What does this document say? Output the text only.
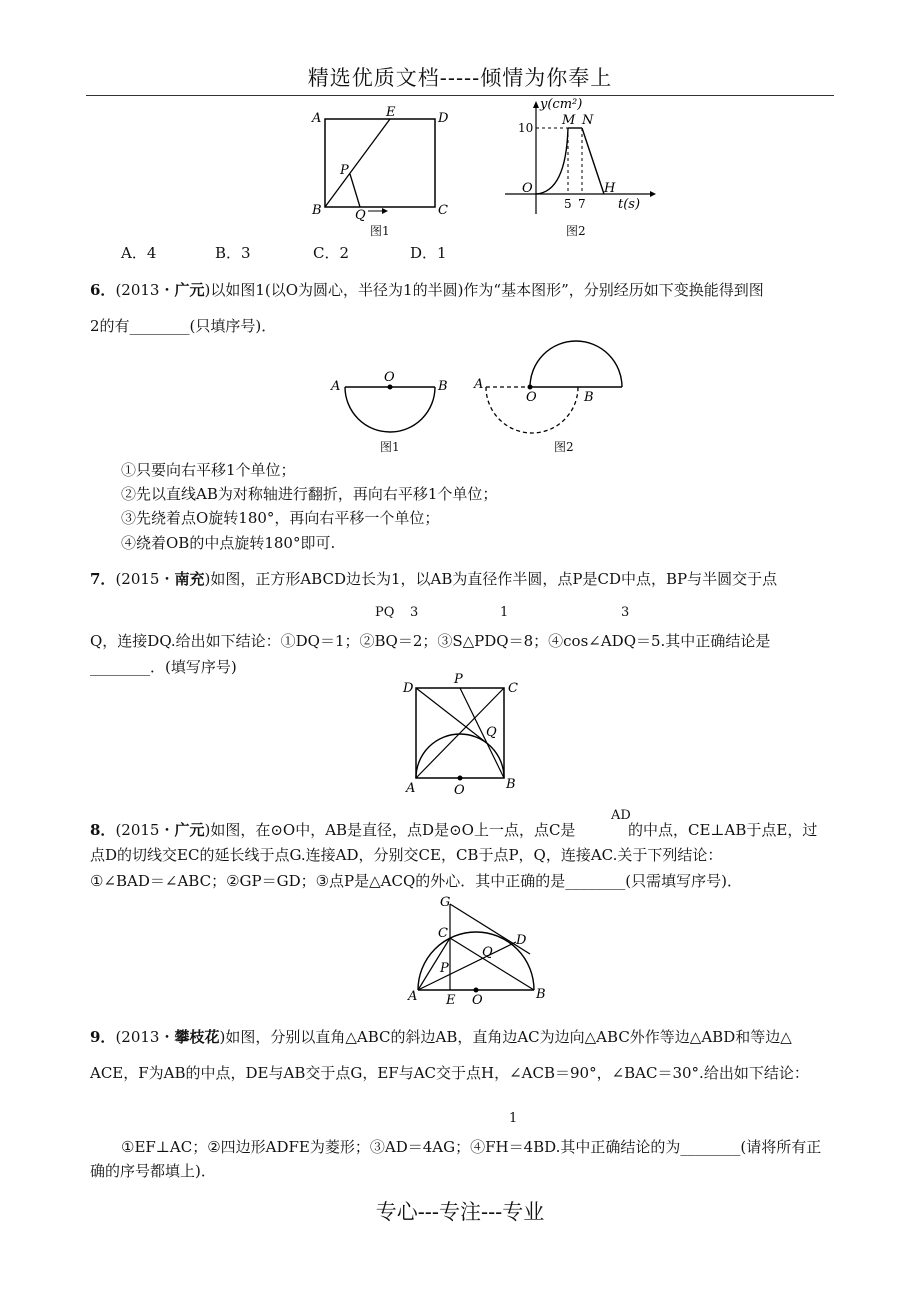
精选优质文档-----倾情为你奉上
A	E	D
P
B	Q	C
图1
y(cm²)
10 M N
O	H
5 7 t(s)
图2
A．4	B．3	C．2	D．1
6．(2013・广元)以如图1(以O为圆心，半径为1的半圆)作为“基本图形”，分别经历如下变换能得到图
2的有________(只填序号)．
A
O
B
图1
A
O	B
图2
①只要向右平移1个单位；
②先以直线AB为对称轴进行翻折，再向右平移1个单位；
③先绕着点O旋转180°，再向右平移一个单位；
④绕着OB的中点旋转180°即可.
7．(2015・南充)如图，正方形ABCD边长为1，以AB为直径作半圆，点P是CD中点，BP与半圆交于点
PQ 3	1	3
Q，连接DQ.给出如下结论：①DQ＝1；②BQ＝2；③S△PDQ＝8；④cos∠ADQ＝5.其中正确结论是
________．(填写序号)
D
P
C
Q
A	O	B
AD
8．(2015・广元)如图，在⊙O中，AB是直径，点D是⊙O上一点，点C是	的中点，CE⊥AB于点E，过
点D的切线交EC的延长线于点G.连接AD，分别交CE，CB于点P，Q，连接AC.关于下列结论：
①∠BAD＝∠ABC；②GP＝GD；③点P是△ACQ的外心．其中正确的是________(只需填写序号)．
G
C	D
Q
P
A E O	B
9．(2013・攀枝花)如图，分别以直角△ABC的斜边AB，直角边AC为边向△ABC外作等边△ABD和等边△
ACE，F为AB的中点，DE与AB交于点G，EF与AC交于点H，∠ACB＝90°，∠BAC＝30°.给出如下结论：
1
①EF⊥AC；②四边形ADFE为菱形；③AD＝4AG；④FH＝4BD.其中正确结论的为________(请将所有正
确的序号都填上)．
专心---专注---专业
